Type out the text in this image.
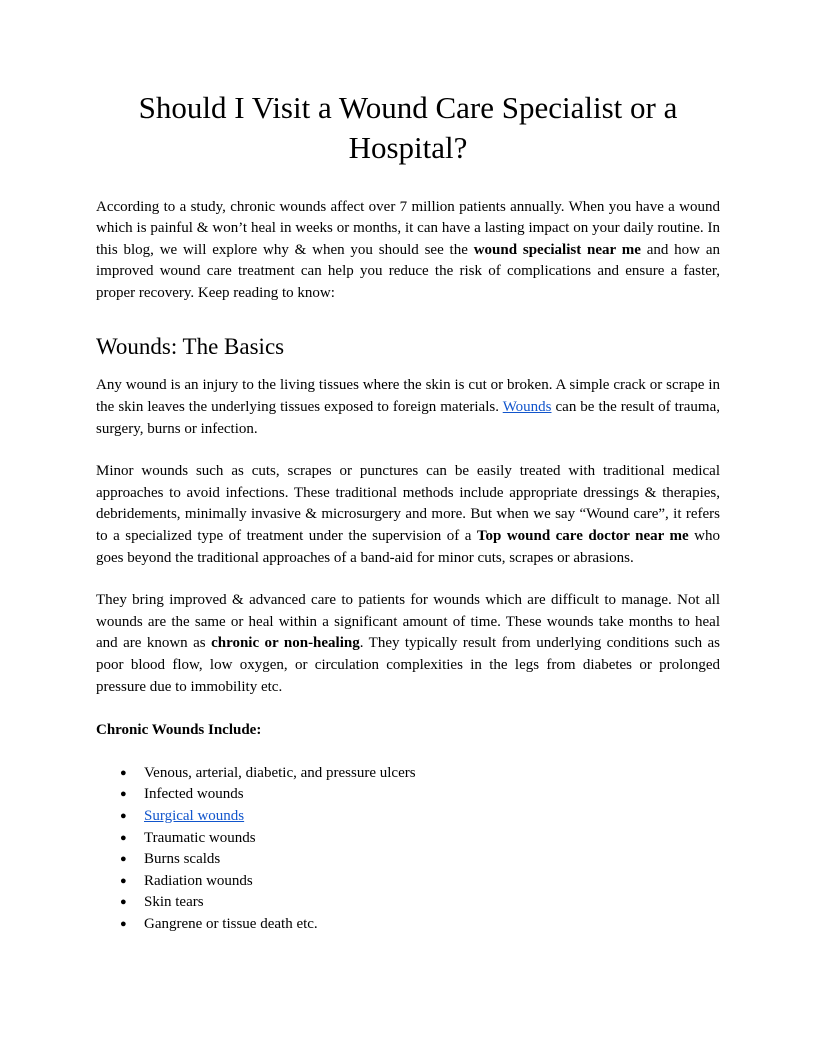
Should I Visit a Wound Care Specialist or a Hospital?

According to a study, chronic wounds affect over 7 million patients annually. When you have a wound which is painful & won’t heal in weeks or months, it can have a lasting impact on your daily routine. In this blog, we will explore why & when you should see the wound specialist near me and how an improved wound care treatment can help you reduce the risk of complications and ensure a faster, proper recovery. Keep reading to know:

Wounds: The Basics

Any wound is an injury to the living tissues where the skin is cut or broken. A simple crack or scrape in the skin leaves the underlying tissues exposed to foreign materials. Wounds can be the result of trauma, surgery, burns or infection.

Minor wounds such as cuts, scrapes or punctures can be easily treated with traditional medical approaches to avoid infections. These traditional methods include appropriate dressings & therapies, debridements, minimally invasive & microsurgery and more. But when we say “Wound care”, it refers to a specialized type of treatment under the supervision of a Top wound care doctor near me who goes beyond the traditional approaches of a band-aid for minor cuts, scrapes or abrasions.

They bring improved & advanced care to patients for wounds which are difficult to manage. Not all wounds are the same or heal within a significant amount of time. These wounds take months to heal and are known as chronic or non-healing. They typically result from underlying conditions such as poor blood flow, low oxygen, or circulation complexities in the legs from diabetes or prolonged pressure due to immobility etc.

Chronic Wounds Include:

●	Venous, arterial, diabetic, and pressure ulcers
●	Infected wounds
●	Surgical wounds
●	Traumatic wounds
●	Burns scalds
●	Radiation wounds
●	Skin tears
●	Gangrene or tissue death etc.
